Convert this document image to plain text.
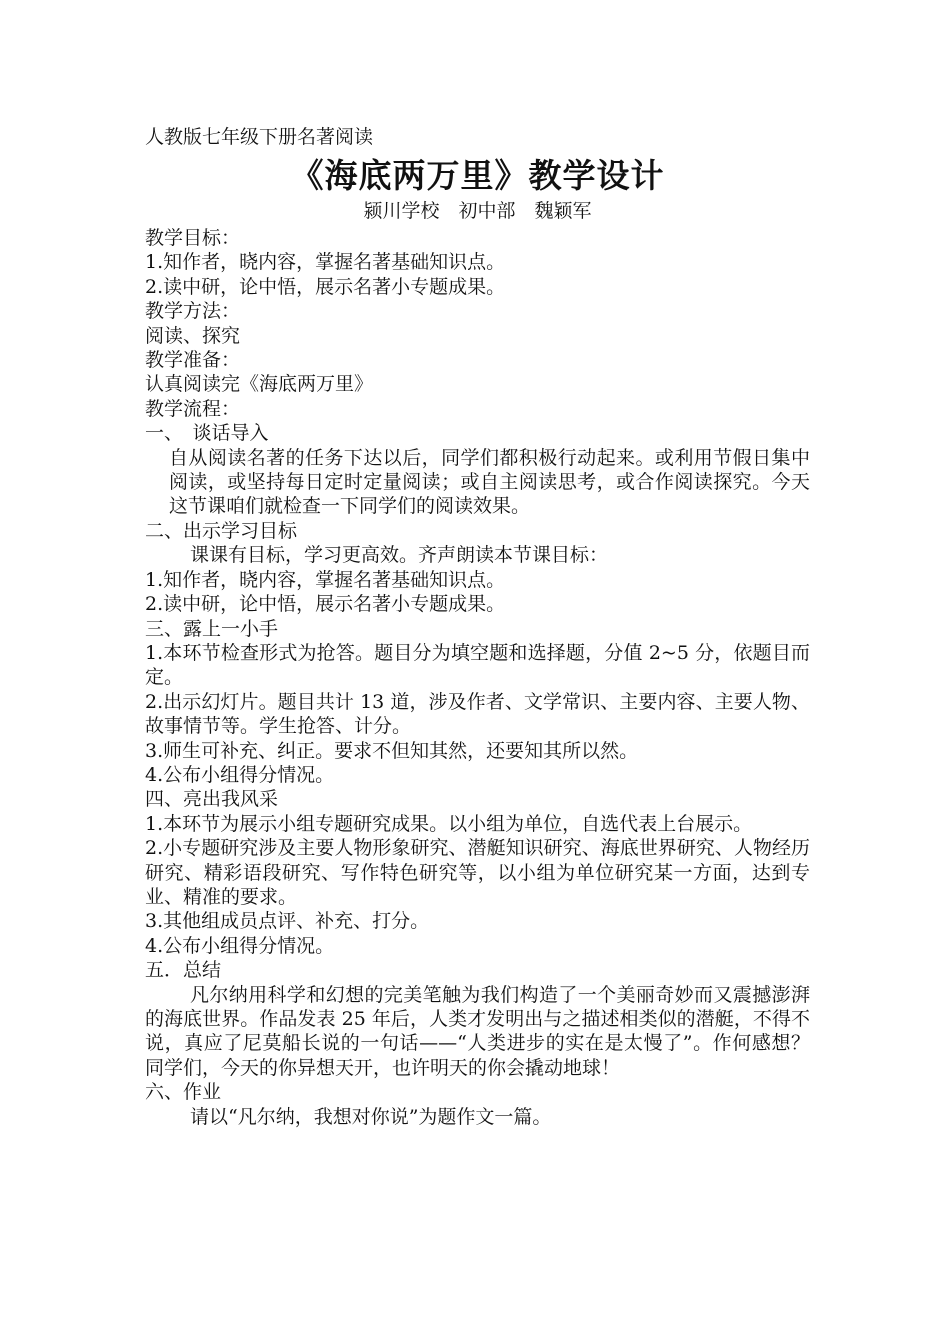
人教版七年级下册名著阅读
《海底两万里》教学设计
颍川学校　初中部　魏颖军
教学目标：
1.知作者，晓内容，掌握名著基础知识点。
2.读中研，论中悟，展示名著小专题成果。
教学方法：
阅读、探究
教学准备：
认真阅读完《海底两万里》
教学流程：
一、　谈话导入

自从阅读名著的任务下达以后，同学们都积极行动起来。或利用节假日集中阅读，或坚持每日定时定量阅读；或自主阅读思考，或合作阅读探究。今天这节课咱们就检查一下同学们的阅读效果。

二、出示学习目标
课课有目标，学习更高效。齐声朗读本节课目标：
1.知作者，晓内容，掌握名著基础知识点。
2.读中研，论中悟，展示名著小专题成果。
三、露上一小手

1.本环节检查形式为抢答。题目分为填空题和选择题，分值 2~5 分，依题目而定。

2.出示幻灯片。题目共计 13 道，涉及作者、文学常识、主要内容、主要人物、故事情节等。学生抢答、计分。

3.师生可补充、纠正。要求不但知其然，还要知其所以然。
4.公布小组得分情况。
四、亮出我风采

1.本环节为展示小组专题研究成果。以小组为单位，自选代表上台展示。

2.小专题研究涉及主要人物形象研究、潜艇知识研究、海底世界研究、人物经历研究、精彩语段研究、写作特色研究等，以小组为单位研究某一方面，达到专业、精准的要求。

3.其他组成员点评、补充、打分。
4.公布小组得分情况。
五．总结

凡尔纳用科学和幻想的完美笔触为我们构造了一个美丽奇妙而又震撼澎湃的海底世界。作品发表 25 年后，人类才发明出与之描述相类似的潜艇，不得不说，真应了尼莫船长说的一句话——“人类进步的实在是太慢了”。作何感想？同学们，今天的你异想天开，也许明天的你会撬动地球！

六、作业
请以“凡尔纳，我想对你说”为题作文一篇。
